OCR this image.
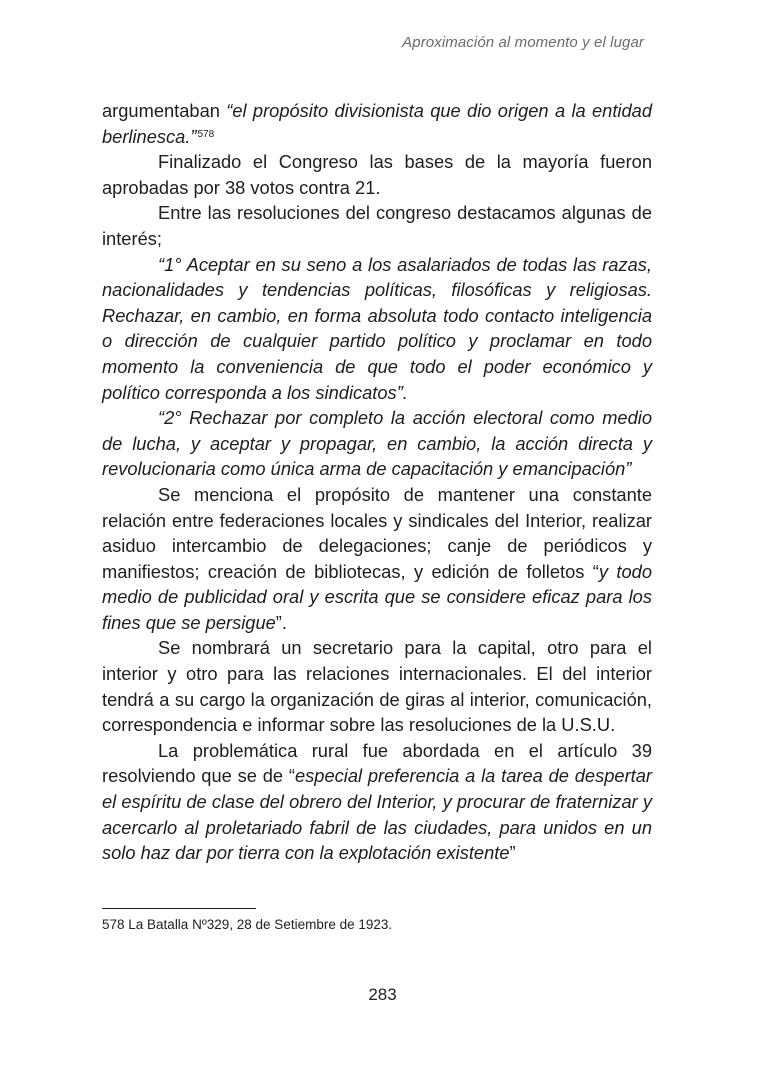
Aproximación al momento y el lugar

argumentaban “el propósito divisionista que dio origen a la entidad berlinesca.”$^{578}$

Finalizado el Congreso las bases de la mayoría fueron aprobadas por 38 votos contra 21.

Entre las resoluciones del congreso destacamos algunas de interés;

“1° Aceptar en su seno a los asalariados de todas las razas, nacionalidades y tendencias políticas, filosóficas y religiosas. Rechazar, en cambio, en forma absoluta todo contacto inteligencia o dirección de cualquier partido político y proclamar en todo momento la conveniencia de que todo el poder económico y político corresponda a los sindicatos”.

“2° Rechazar por completo la acción electoral como medio de lucha, y aceptar y propagar, en cambio, la acción directa y revolucionaria como única arma de capacitación y emancipación”

Se menciona el propósito de mantener una constante relación entre federaciones locales y sindicales del Interior, realizar asiduo intercambio de delegaciones; canje de periódicos y manifiestos; creación de bibliotecas, y edición de folletos “y todo medio de publicidad oral y escrita que se considere eficaz para los fines que se persigue”.

Se nombrará un secretario para la capital, otro para el interior y otro para las relaciones internacionales. El del interior tendrá a su cargo la organización de giras al interior, comunicación, correspondencia e informar sobre las resoluciones de la U.S.U.

La problemática rural fue abordada en el artículo 39 resolviendo que se de “especial preferencia a la tarea de despertar el espíritu de clase del obrero del Interior, y procurar de fraternizar y acercarlo al proletariado fabril de las ciudades, para unidos en un solo haz dar por tierra con la explotación existente”

578 La Batalla Nº329, 28 de Setiembre de 1923.
283
